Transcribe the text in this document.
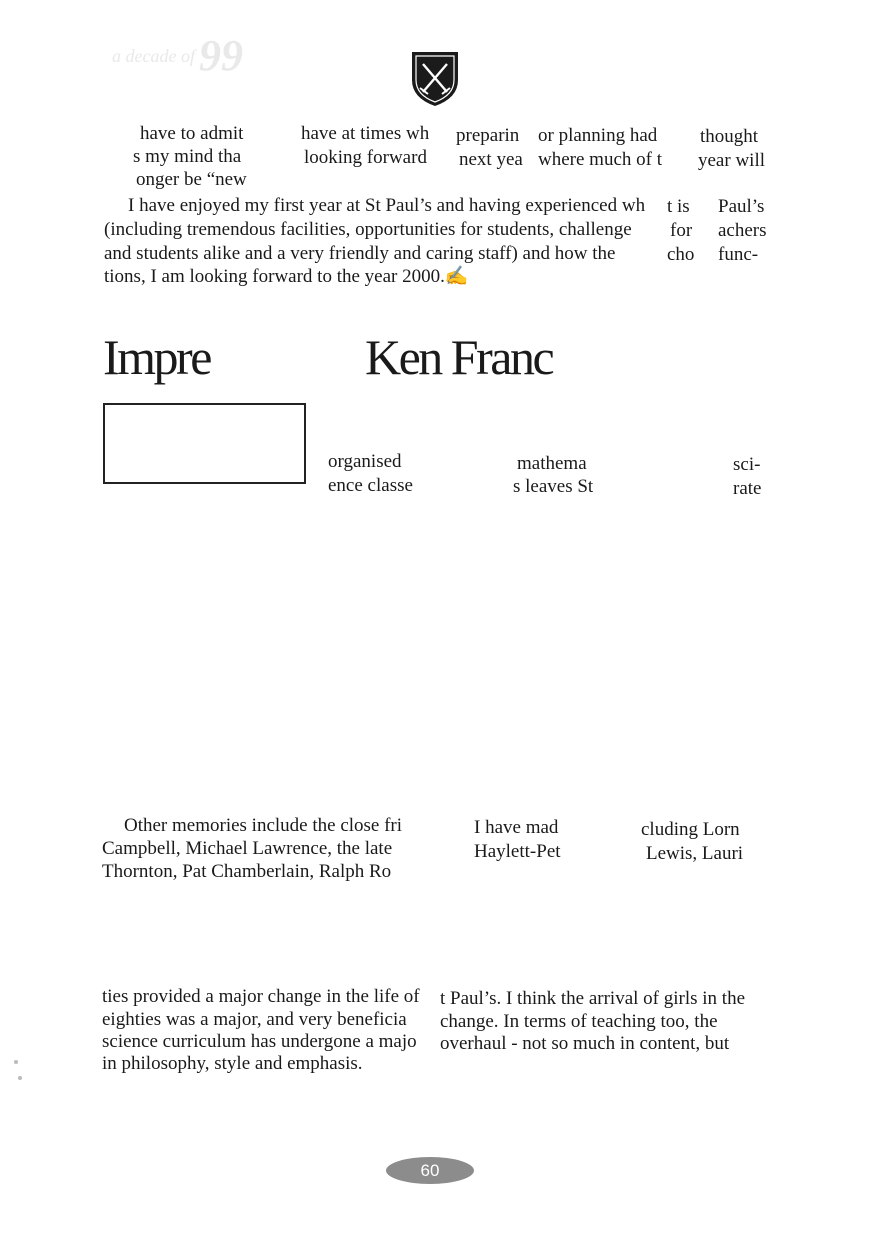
a decade of 99
have to admit	have at times wh preparin or planning had thought
s my mind tha	looking forward next yea where much of t year will
onger be “new
I have enjoyed my first year at St Paul’s and having experienced wh t is Paul’s
(including tremendous facilities, opportunities for students, challenge for achers
and students alike and a very friendly and caring staff) and how the	cho func-
tions, I am looking forward to the year 2000.✍
Impre	Ken Franc
organised	mathema	sci-
ence classe	s leaves St	rate
Other memories include the close fri	I have mad	cluding Lorn
Campbell, Michael Lawrence, the late	Haylett-Pet	Lewis, Lauri
Thornton, Pat Chamberlain, Ralph Ro
ties provided a major change in the life of t Paul’s. I think the arrival of girls in the
eighties was a major, and very beneficia change. In terms of teaching too, the
science curriculum has undergone a majo overhaul - not so much in content, but
in philosophy, style and emphasis.
60
